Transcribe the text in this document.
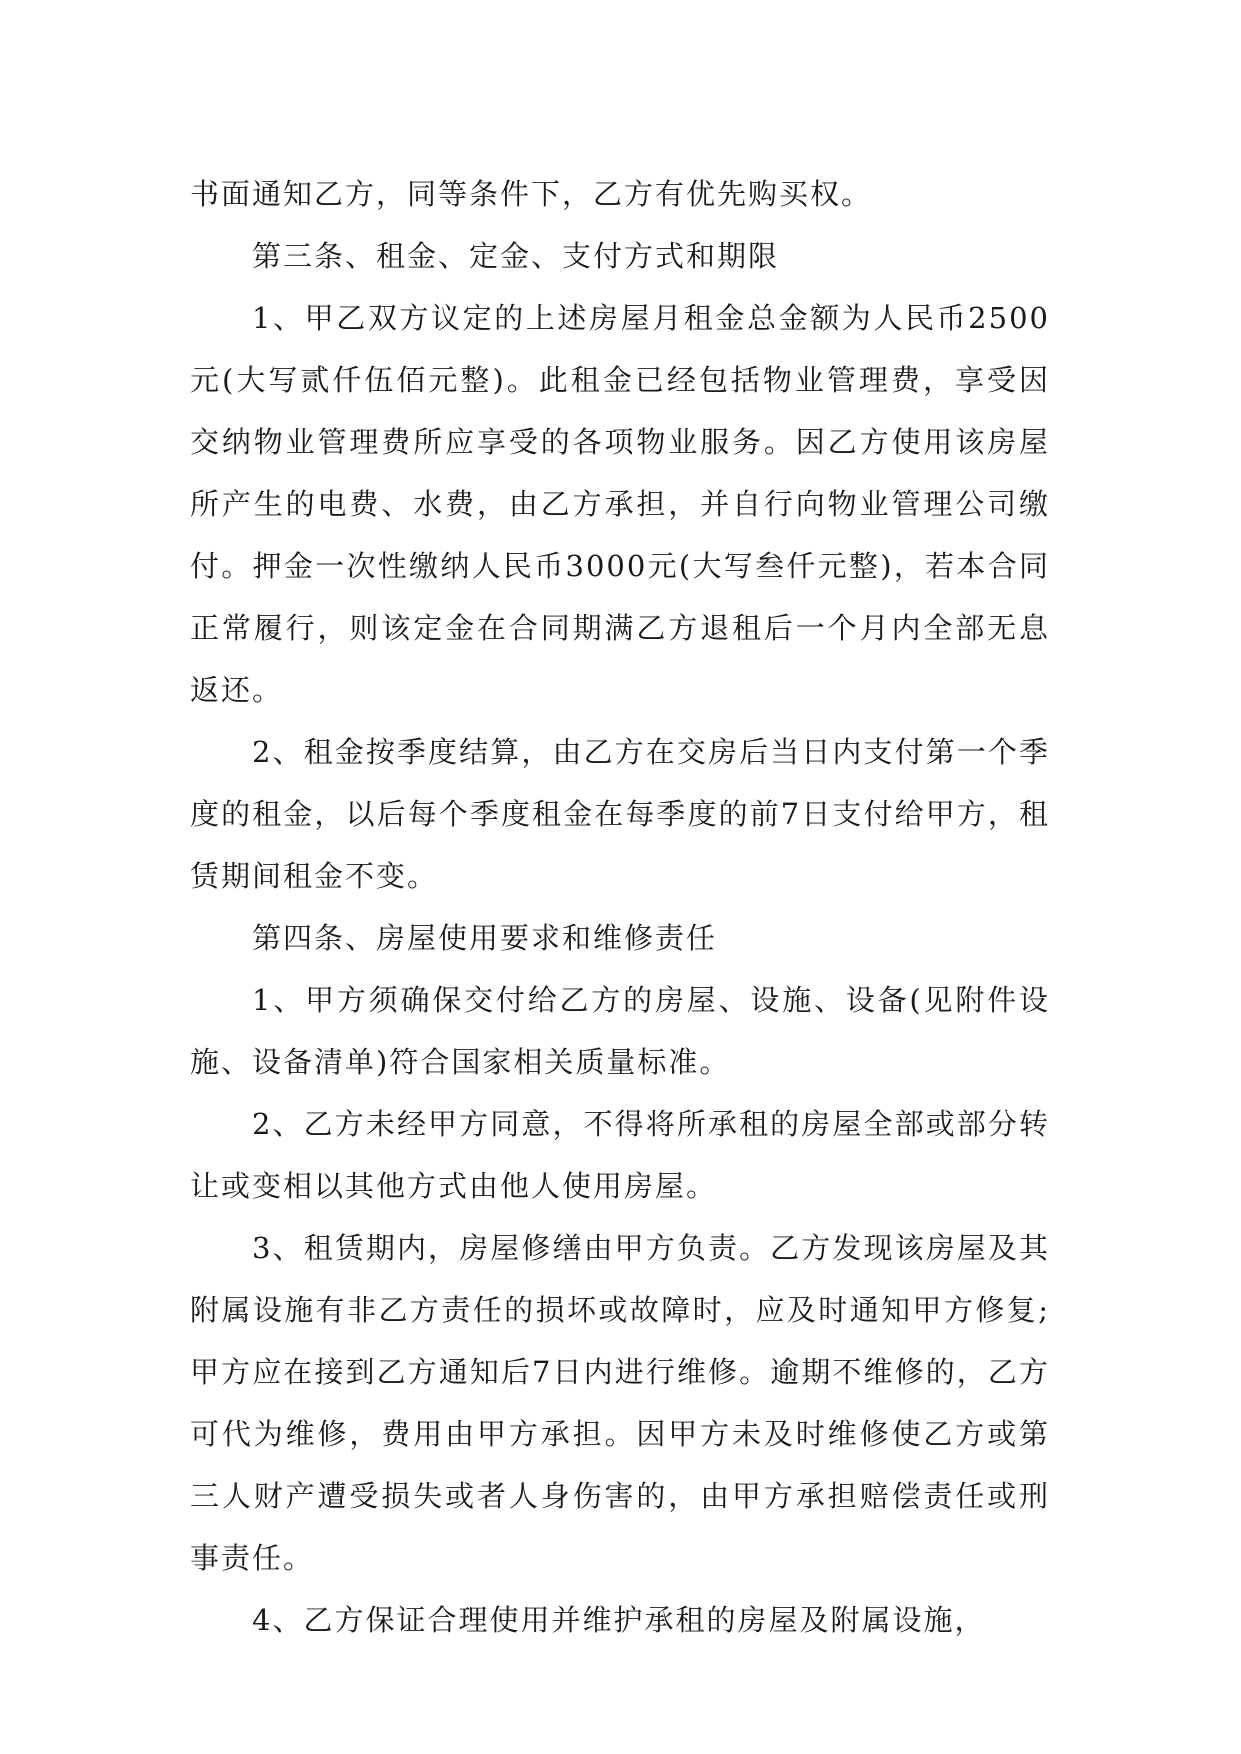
书面通知乙方，同等条件下，乙方有优先购买权。

第三条、租金、定金、支付方式和期限

1、甲乙双方议定的上述房屋月租金总金额为人民币2500元(大写贰仟伍佰元整)。此租金已经包括物业管理费，享受因交纳物业管理费所应享受的各项物业服务。因乙方使用该房屋所产生的电费、水费，由乙方承担，并自行向物业管理公司缴付。押金一次性缴纳人民币3000元(大写叁仟元整)，若本合同正常履行，则该定金在合同期满乙方退租后一个月内全部无息返还。

2、租金按季度结算，由乙方在交房后当日内支付第一个季度的租金，以后每个季度租金在每季度的前7日支付给甲方，租赁期间租金不变。

第四条、房屋使用要求和维修责任

1、甲方须确保交付给乙方的房屋、设施、设备(见附件设施、设备清单)符合国家相关质量标准。

2、乙方未经甲方同意，不得将所承租的房屋全部或部分转让或变相以其他方式由他人使用房屋。

3、租赁期内，房屋修缮由甲方负责。乙方发现该房屋及其附属设施有非乙方责任的损坏或故障时，应及时通知甲方修复;甲方应在接到乙方通知后7日内进行维修。逾期不维修的，乙方可代为维修，费用由甲方承担。因甲方未及时维修使乙方或第三人财产遭受损失或者人身伤害的，由甲方承担赔偿责任或刑事责任。

4、乙方保证合理使用并维护承租的房屋及附属设施，
